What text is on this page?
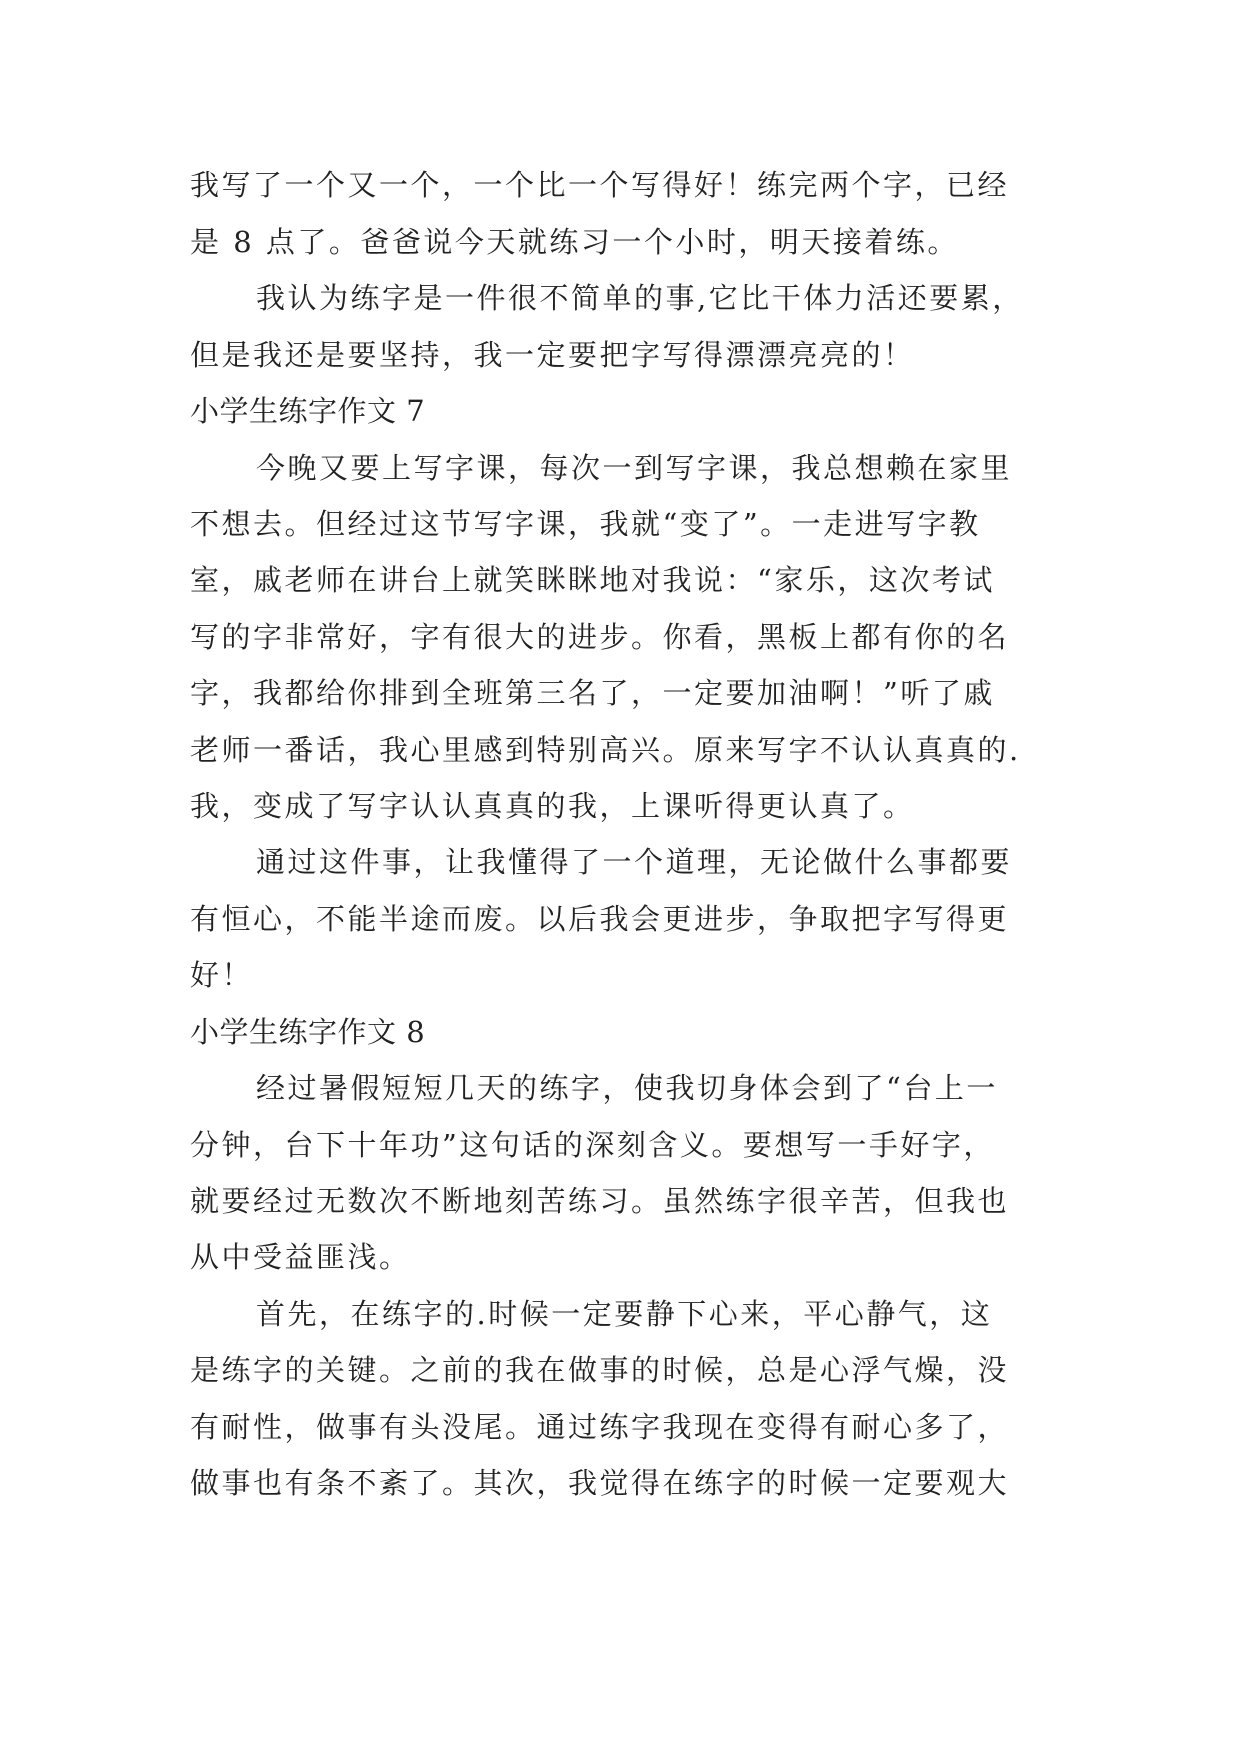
我写了一个又一个，一个比一个写得好！练完两个字，已经
是 8 点了。爸爸说今天就练习一个小时，明天接着练。
我认为练字是一件很不简单的事,它比干体力活还要累，
但是我还是要坚持，我一定要把字写得漂漂亮亮的！
小学生练字作文 7
今晚又要上写字课，每次一到写字课，我总想赖在家里
不想去。但经过这节写字课，我就“变了”。一走进写字教
室，戚老师在讲台上就笑眯眯地对我说：“家乐，这次考试
写的字非常好，字有很大的进步。你看，黑板上都有你的名
字，我都给你排到全班第三名了，一定要加油啊！”听了戚
老师一番话，我心里感到特别高兴。原来写字不认认真真的.
我，变成了写字认认真真的我，上课听得更认真了。
通过这件事，让我懂得了一个道理，无论做什么事都要
有恒心，不能半途而废。以后我会更进步，争取把字写得更
好！
小学生练字作文 8
经过暑假短短几天的练字，使我切身体会到了“台上一
分钟，台下十年功”这句话的深刻含义。要想写一手好字，
就要经过无数次不断地刻苦练习。虽然练字很辛苦，但我也
从中受益匪浅。
首先，在练字的.时候一定要静下心来，平心静气，这
是练字的关键。之前的我在做事的时候，总是心浮气燥，没
有耐性，做事有头没尾。通过练字我现在变得有耐心多了，
做事也有条不紊了。其次，我觉得在练字的时候一定要观大
